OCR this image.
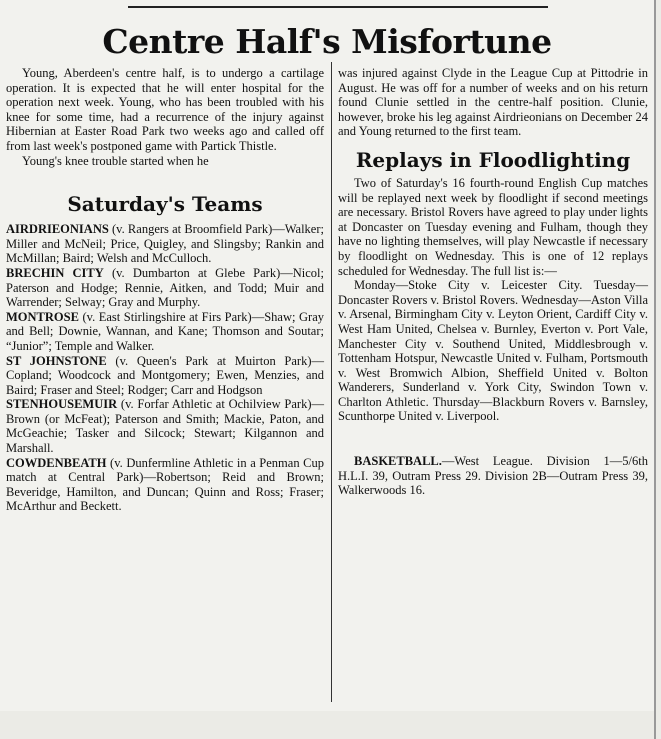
Centre Half's Misfortune

Young, Aberdeen's centre half, is to undergo a cartilage operation. It is expected that he will enter hospital for the operation next week. Young, who has been troubled with his knee for some time, had a recurrence of the injury against Hibernian at Easter Road Park two weeks ago and called off from last week's postponed game with Partick Thistle.

Young's knee trouble started when he

Saturday's Teams

AIRDRIEONIANS (v. Rangers at Broomfield Park)—Walker; Miller and McNeil; Price, Quigley, and Slingsby; Rankin and McMillan; Baird; Welsh and McCulloch.

BRECHIN CITY (v. Dumbarton at Glebe Park)—Nicol; Paterson and Hodge; Rennie, Aitken, and Todd; Muir and Warrender; Selway; Gray and Murphy.

MONTROSE (v. East Stirlingshire at Firs Park)—Shaw; Gray and Bell; Downie, Wannan, and Kane; Thomson and Soutar; “Junior”; Temple and Walker.

ST JOHNSTONE (v. Queen's Park at Muirton Park)—Copland; Woodcock and Montgomery; Ewen, Menzies, and Baird; Fraser and Steel; Rodger; Carr and Hodgson

STENHOUSEMUIR (v. Forfar Athletic at Ochilview Park)—Brown (or McFeat); Paterson and Smith; Mackie, Paton, and McGeachie; Tasker and Silcock; Stewart; Kilgannon and Marshall.

COWDENBEATH (v. Dunfermline Athletic in a Penman Cup match at Central Park)—Robertson; Reid and Brown; Beveridge, Hamilton, and Duncan; Quinn and Ross; Fraser; McArthur and Beckett.

was injured against Clyde in the League Cup at Pittodrie in August. He was off for a number of weeks and on his return found Clunie settled in the centre-half position. Clunie, however, broke his leg against Airdrieonians on December 24 and Young returned to the first team.

Replays in Floodlighting

Two of Saturday's 16 fourth-round English Cup matches will be replayed next week by floodlight if second meetings are necessary. Bristol Rovers have agreed to play under lights at Doncaster on Tuesday evening and Fulham, though they have no lighting themselves, will play Newcastle if necessary by floodlight on Wednesday. This is one of 12 replays scheduled for Wednesday. The full list is:—

Monday—Stoke City v. Leicester City. Tuesday—Doncaster Rovers v. Bristol Rovers. Wednesday—Aston Villa v. Arsenal, Birmingham City v. Leyton Orient, Cardiff City v. West Ham United, Chelsea v. Burnley, Everton v. Port Vale, Manchester City v. Southend United, Middlesbrough v. Tottenham Hotspur, Newcastle United v. Fulham, Portsmouth v. West Bromwich Albion, Sheffield United v. Bolton Wanderers, Sunderland v. York City, Swindon Town v. Charlton Athletic. Thursday—Blackburn Rovers v. Barnsley, Scunthorpe United v. Liverpool.

BASKETBALL.—West League. Division 1—5/6th H.L.I. 39, Outram Press 29. Division 2B—Outram Press 39, Walkerwoods 16.
